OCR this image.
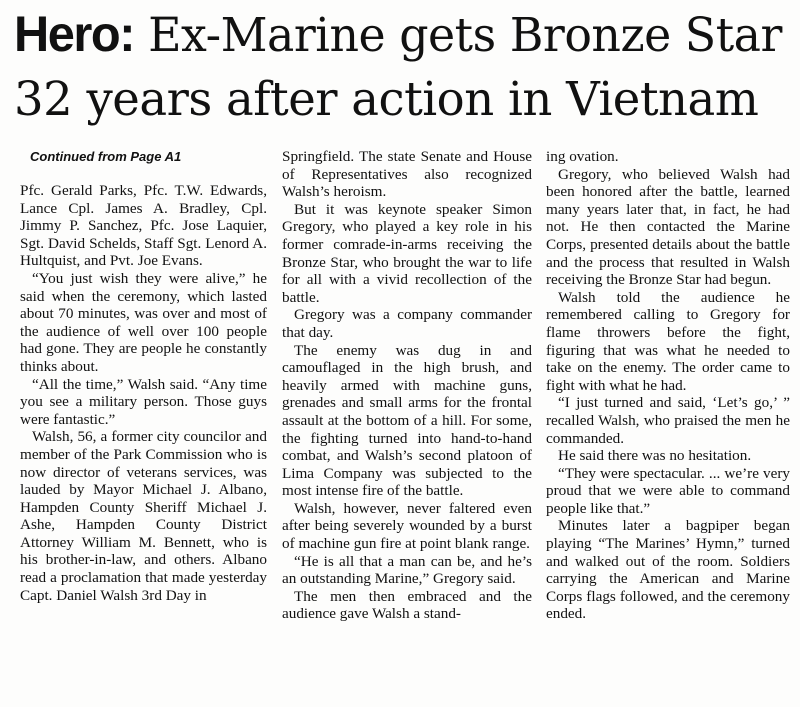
Hero: Ex-Marine gets Bronze Star
32 years after action in Vietnam

Continued from Page A1

Pfc. Gerald Parks, Pfc. T.W. Edwards, Lance Cpl. James A. Bradley, Cpl. Jimmy P. Sanchez, Pfc. Jose Laquier, Sgt. David Schelds, Staff Sgt. Lenord A. Hultquist, and Pvt. Joe Evans.

“You just wish they were alive,” he said when the ceremony, which lasted about 70 minutes, was over and most of the audience of well over 100 people had gone. They are people he constantly thinks about.

“All the time,” Walsh said. “Any time you see a military person. Those guys were fantastic.”

Walsh, 56, a former city councilor and member of the Park Commission who is now director of veterans services, was lauded by Mayor Michael J. Albano, Hampden County Sheriff Michael J. Ashe, Hampden County District Attorney William M. Bennett, who is his brother-in-law, and others. Albano read a proclamation that made yesterday Capt. Daniel Walsh 3rd Day in

Springfield. The state Senate and House of Representatives also recognized Walsh’s heroism.

But it was keynote speaker Simon Gregory, who played a key role in his former comrade-in-arms receiving the Bronze Star, who brought the war to life for all with a vivid recollection of the battle.

Gregory was a company commander that day.

The enemy was dug in and camouflaged in the high brush, and heavily armed with machine guns, grenades and small arms for the frontal assault at the bottom of a hill. For some, the fighting turned into hand-to-hand combat, and Walsh’s second platoon of Lima Company was subjected to the most intense fire of the battle.

Walsh, however, never faltered even after being severely wounded by a burst of machine gun fire at point blank range.

“He is all that a man can be, and he’s an outstanding Marine,” Gregory said.

The men then embraced and the audience gave Walsh a stand-

ing ovation.

Gregory, who believed Walsh had been honored after the battle, learned many years later that, in fact, he had not. He then contacted the Marine Corps, presented details about the battle and the process that resulted in Walsh receiving the Bronze Star had begun.

Walsh told the audience he remembered calling to Gregory for flame throwers before the fight, figuring that was what he needed to take on the enemy. The order came to fight with what he had.

“I just turned and said, ‘Let’s go,’ ” recalled Walsh, who praised the men he commanded.

He said there was no hesitation.

“They were spectacular. ... we’re very proud that we were able to command people like that.”

Minutes later a bagpiper began playing “The Marines’ Hymn,” turned and walked out of the room. Soldiers carrying the American and Marine Corps flags followed, and the ceremony ended.
